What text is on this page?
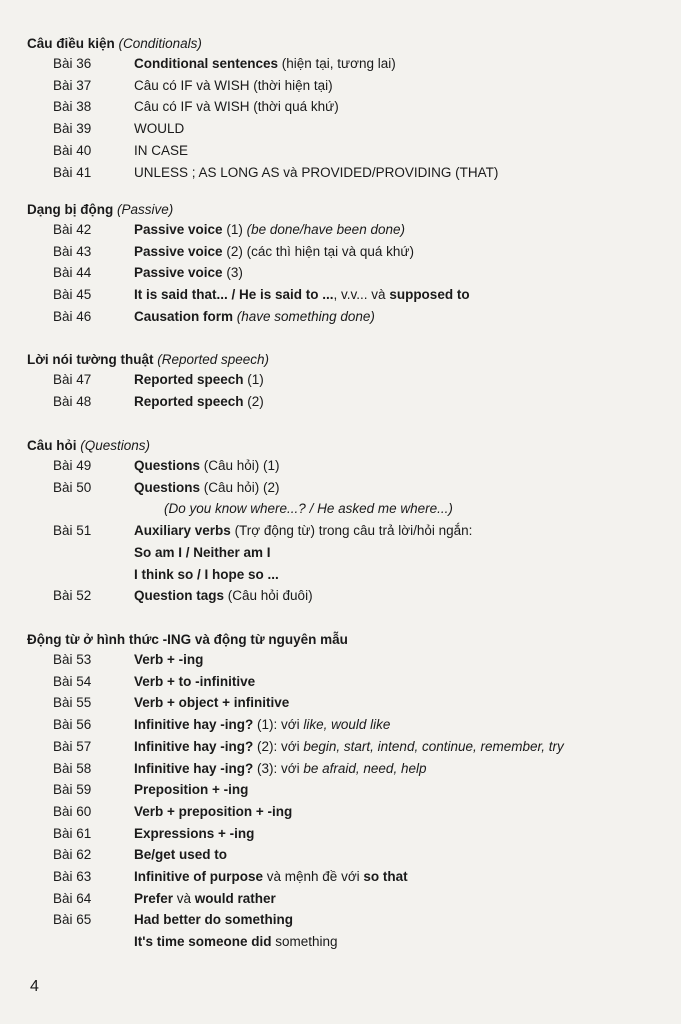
Câu điều kiện (Conditionals)
Bài 36	Conditional sentences (hiện tại, tương lai)
Bài 37	Câu có IF và WISH (thời hiện tại)
Bài 38	Câu có IF và WISH (thời quá khứ)
Bài 39	WOULD
Bài 40	IN CASE
Bài 41	UNLESS ; AS LONG AS và PROVIDED/PROVIDING (THAT)
Dạng bị động (Passive)
Bài 42	Passive voice (1) (be done/have been done)
Bài 43	Passive voice (2) (các thì hiện tại và quá khứ)
Bài 44	Passive voice (3)
Bài 45	It is said that... / He is said to ..., v.v... và supposed to
Bài 46	Causation form (have something done)
Lời nói tường thuật (Reported speech)
Bài 47	Reported speech (1)
Bài 48	Reported speech (2)
Câu hỏi (Questions)
Bài 49	Questions (Câu hỏi) (1)
Bài 50	Questions (Câu hỏi) (2)
(Do you know where...? / He asked me where...)
Bài 51	Auxiliary verbs (Trợ động từ) trong câu trả lời/hỏi ngắn:
So am I / Neither am I
I think so / I hope so ...
Bài 52	Question tags (Câu hỏi đuôi)
Động từ ở hình thức -ING và động từ nguyên mẫu
Bài 53	Verb + -ing
Bài 54	Verb + to -infinitive
Bài 55	Verb + object + infinitive
Bài 56	Infinitive hay -ing? (1): với like, would like
Bài 57	Infinitive hay -ing? (2): với begin, start, intend, continue, remember, try
Bài 58	Infinitive hay -ing? (3): với be afraid, need, help
Bài 59	Preposition + -ing
Bài 60	Verb + preposition + -ing
Bài 61	Expressions + -ing
Bài 62	Be/get used to
Bài 63	Infinitive of purpose và mệnh đề với so that
Bài 64	Prefer và would rather
Bài 65	Had better do something
It's time someone did something
4
